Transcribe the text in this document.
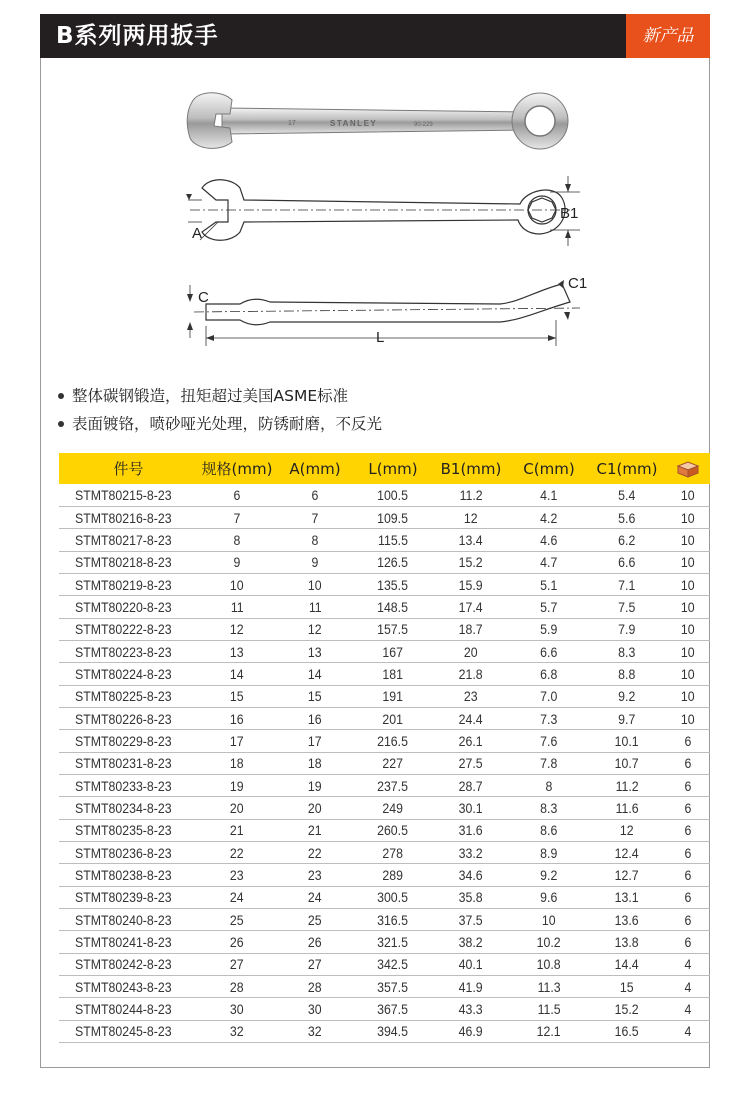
B系列两用扳手	新产品
17	STANLEY	90-229
A
B1
C
C1
L
整体碳钢锻造，扭矩超过美国ASME标准
表面镀铬，喷砂哑光处理，防锈耐磨，不反光
件号	规格(mm)	A(mm)	L(mm)	B1(mm)	C(mm)	C1(mm)	
STMT80215-8-23	6	6	100.5	11.2	4.1	5.4	10
STMT80216-8-23	7	7	109.5	12	4.2	5.6	10
STMT80217-8-23	8	8	115.5	13.4	4.6	6.2	10
STMT80218-8-23	9	9	126.5	15.2	4.7	6.6	10
STMT80219-8-23	10	10	135.5	15.9	5.1	7.1	10
STMT80220-8-23	11	11	148.5	17.4	5.7	7.5	10
STMT80222-8-23	12	12	157.5	18.7	5.9	7.9	10
STMT80223-8-23	13	13	167	20	6.6	8.3	10
STMT80224-8-23	14	14	181	21.8	6.8	8.8	10
STMT80225-8-23	15	15	191	23	7.0	9.2	10
STMT80226-8-23	16	16	201	24.4	7.3	9.7	10
STMT80229-8-23	17	17	216.5	26.1	7.6	10.1	6
STMT80231-8-23	18	18	227	27.5	7.8	10.7	6
STMT80233-8-23	19	19	237.5	28.7	8	11.2	6
STMT80234-8-23	20	20	249	30.1	8.3	11.6	6
STMT80235-8-23	21	21	260.5	31.6	8.6	12	6
STMT80236-8-23	22	22	278	33.2	8.9	12.4	6
STMT80238-8-23	23	23	289	34.6	9.2	12.7	6
STMT80239-8-23	24	24	300.5	35.8	9.6	13.1	6
STMT80240-8-23	25	25	316.5	37.5	10	13.6	6
STMT80241-8-23	26	26	321.5	38.2	10.2	13.8	6
STMT80242-8-23	27	27	342.5	40.1	10.8	14.4	4
STMT80243-8-23	28	28	357.5	41.9	11.3	15	4
STMT80244-8-23	30	30	367.5	43.3	11.5	15.2	4
STMT80245-8-23	32	32	394.5	46.9	12.1	16.5	4
